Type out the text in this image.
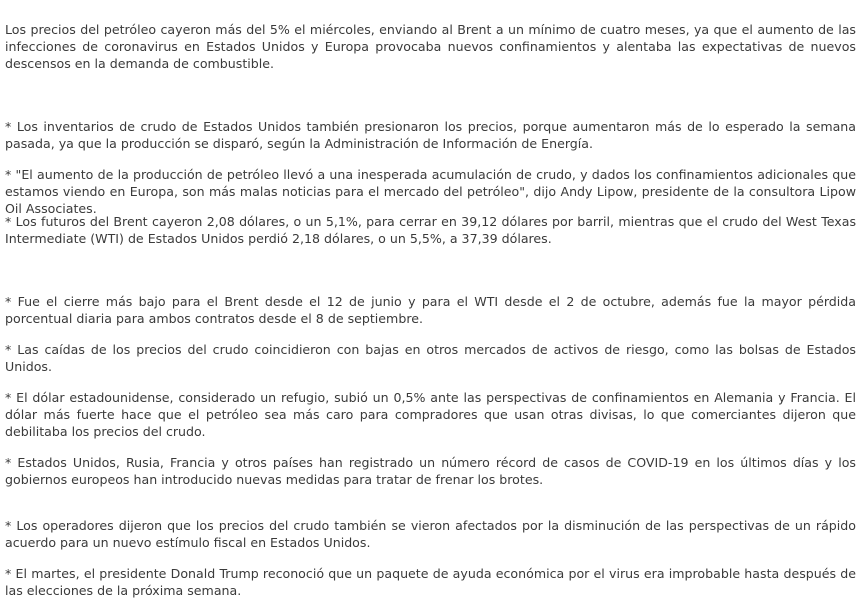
Los precios del petróleo cayeron más del 5% el miércoles, enviando al Brent a un mínimo de cuatro meses, ya que el aumento de las infecciones de coronavirus en Estados Unidos y Europa provocaba nuevos confinamientos y alentaba las expectativas de nuevos descensos en la demanda de combustible.

* Los inventarios de crudo de Estados Unidos también presionaron los precios, porque aumentaron más de lo esperado la semana pasada, ya que la producción se disparó, según la Administración de Información de Energía.

* "El aumento de la producción de petróleo llevó a una inesperada acumulación de crudo, y dados los confinamientos adicionales que estamos viendo en Europa, son más malas noticias para el mercado del petróleo", dijo Andy Lipow, presidente de la consultora Lipow Oil Associates.

* Los futuros del Brent cayeron 2,08 dólares, o un 5,1%, para cerrar en 39,12 dólares por barril, mientras que el crudo del West Texas Intermediate (WTI) de Estados Unidos perdió 2,18 dólares, o un 5,5%, a 37,39 dólares.

* Fue el cierre más bajo para el Brent desde el 12 de junio y para el WTI desde el 2 de octubre, además fue la mayor pérdida porcentual diaria para ambos contratos desde el 8 de septiembre.

* Las caídas de los precios del crudo coincidieron con bajas en otros mercados de activos de riesgo, como las bolsas de Estados Unidos.

* El dólar estadounidense, considerado un refugio, subió un 0,5% ante las perspectivas de confinamientos en Alemania y Francia. El dólar más fuerte hace que el petróleo sea más caro para compradores que usan otras divisas, lo que comerciantes dijeron que debilitaba los precios del crudo.

* Estados Unidos, Rusia, Francia y otros países han registrado un número récord de casos de COVID-19 en los últimos días y los gobiernos europeos han introducido nuevas medidas para tratar de frenar los brotes.

* Los operadores dijeron que los precios del crudo también se vieron afectados por la disminución de las perspectivas de un rápido acuerdo para un nuevo estímulo fiscal en Estados Unidos.

* El martes, el presidente Donald Trump reconoció que un paquete de ayuda económica por el virus era improbable hasta después de las elecciones de la próxima semana.
